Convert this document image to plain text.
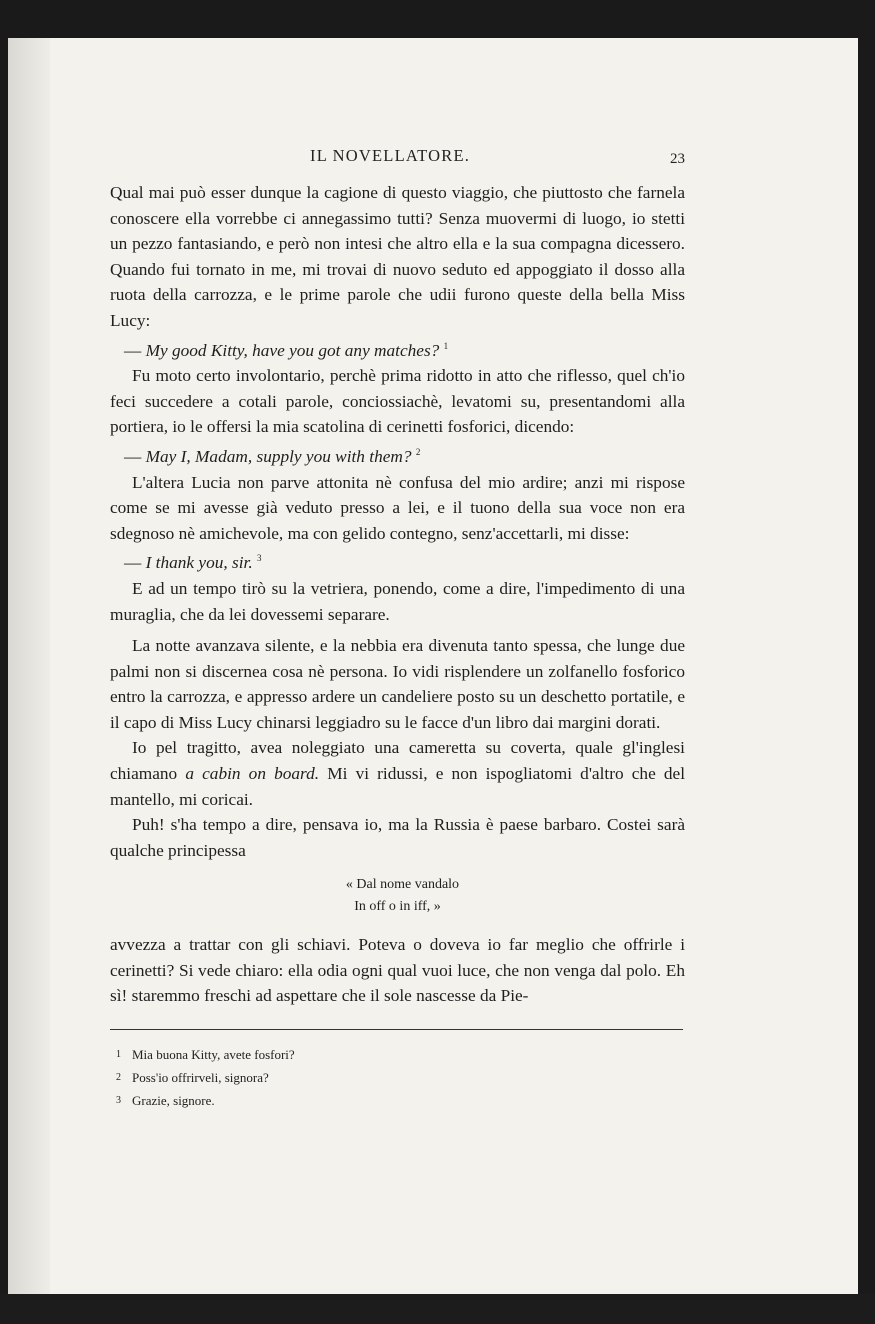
IL NOVELLATORE.	23

Qual mai può esser dunque la cagione di questo viaggio, che piuttosto che farnela conoscere ella vorrebbe ci annegassimo tutti? Senza muovermi di luogo, io stetti un pezzo fantasiando, e però non intesi che altro ella e la sua compagna dicessero. Quando fui tornato in me, mi trovai di nuovo seduto ed appoggiato il dosso alla ruota della carrozza, e le prime parole che udii furono queste della bella Miss Lucy:

— My good Kitty, have you got any matches? $^1$

Fu moto certo involontario, perchè prima ridotto in atto che riflesso, quel ch'io feci succedere a cotali parole, conciossiachè, levatomi su, presentandomi alla portiera, io le offersi la mia scatolina di cerinetti fosforici, dicendo:

— May I, Madam, supply you with them? $^2$

L'altera Lucia non parve attonita nè confusa del mio ardire; anzi mi rispose come se mi avesse già veduto presso a lei, e il tuono della sua voce non era sdegnoso nè amichevole, ma con gelido contegno, senz'accettarli, mi disse:

— I thank you, sir. $^3$

E ad un tempo tirò su la vetriera, ponendo, come a dire, l'impedimento di una muraglia, che da lei dovessemi separare.

La notte avanzava silente, e la nebbia era divenuta tanto spessa, che lunge due palmi non si discernea cosa nè persona. Io vidi risplendere un zolfanello fosforico entro la carrozza, e appresso ardere un candeliere posto su un deschetto portatile, e il capo di Miss Lucy chinarsi leggiadro su le facce d'un libro dai margini dorati.

Io pel tragitto, avea noleggiato una cameretta su coverta, quale gl'inglesi chiamano a cabin on board. Mi vi ridussi, e non ispogliatomi d'altro che del mantello, mi coricai.

Puh! s'ha tempo a dire, pensava io, ma la Russia è paese barbaro. Costei sarà qualche principessa

« Dal nome vandalo
In off o in iff, »

avvezza a trattar con gli schiavi. Poteva o doveva io far meglio che offrirle i cerinetti? Si vede chiaro: ella odia ogni qual vuoi luce, che non venga dal polo. Eh sì! staremmo freschi ad aspettare che il sole nascesse da Pie-

1 Mia buona Kitty, avete fosfori?
2 Poss'io offrirveli, signora?
3 Grazie, signore.
